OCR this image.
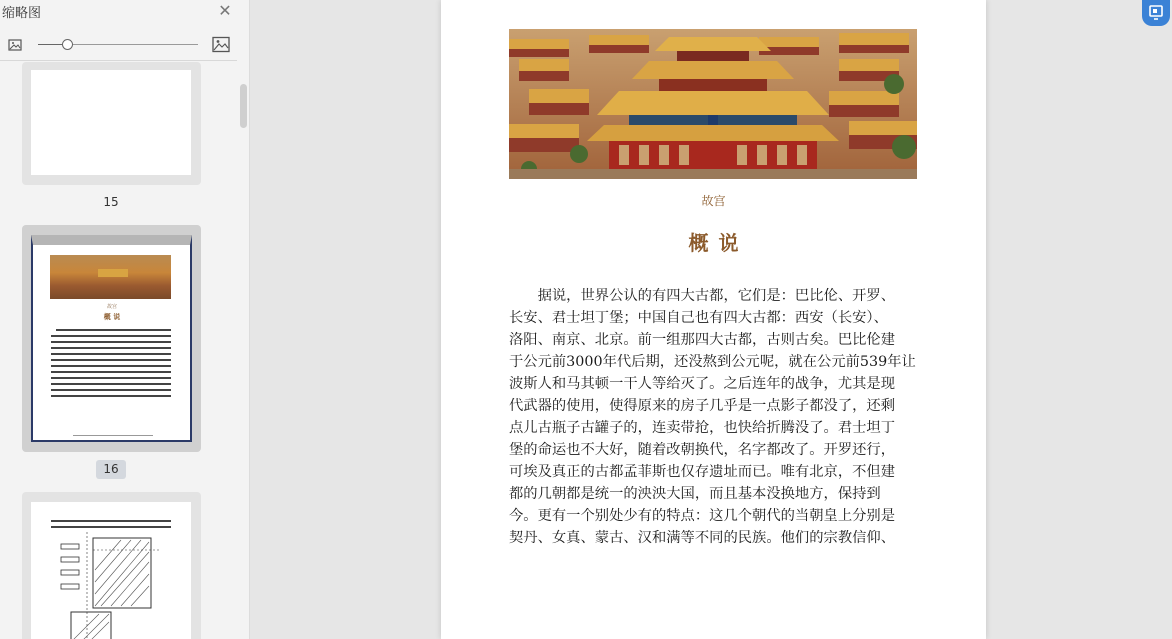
缩略图	✕
15
故宫
概 说
16
故宫
概说
　　据说，世界公认的有四大古都，它们是：巴比伦、开罗、
长安、君士坦丁堡；中国自己也有四大古都：西安（长安）、
洛阳、南京、北京。前一组那四大古都，古则古矣。巴比伦建
于公元前3000年代后期，还没熬到公元呢，就在公元前539年让
波斯人和马其顿一干人等给灭了。之后连年的战争，尤其是现
代武器的使用，使得原来的房子几乎是一点影子都没了，还剩
点儿古瓶子古罐子的，连卖带抢，也快给折腾没了。君士坦丁
堡的命运也不大好，随着改朝换代，名字都改了。开罗还行，
可埃及真正的古都孟菲斯也仅存遗址而已。唯有北京，不但建
都的几朝都是统一的泱泱大国，而且基本没换地方，保持到
今。更有一个别处少有的特点：这几个朝代的当朝皇上分别是
契丹、女真、蒙古、汉和满等不同的民族。他们的宗教信仰、
